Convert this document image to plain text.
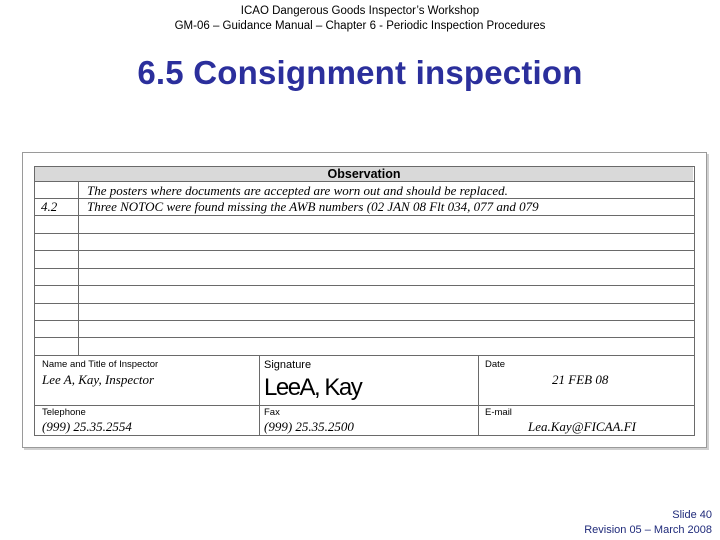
ICAO Dangerous Goods Inspector’s Workshop
GM-06 – Guidance Manual – Chapter 6 - Periodic Inspection Procedures
6.5 Consignment inspection
Observation
The posters where documents are accepted are worn out and should be replaced.
4.2 Three NOTOC were found missing the AWB numbers (02 JAN 08 Flt 034, 077 and 079
Name and Title of Inspector
Lee A, Kay, Inspector
Signature
LeeA, Kay
Date
21 FEB 08
Telephone
(999) 25.35.2554
Fax
(999) 25.35.2500
E-mail
Lea.Kay@FICAA.FI
Slide 40
Revision 05 – March 2008
